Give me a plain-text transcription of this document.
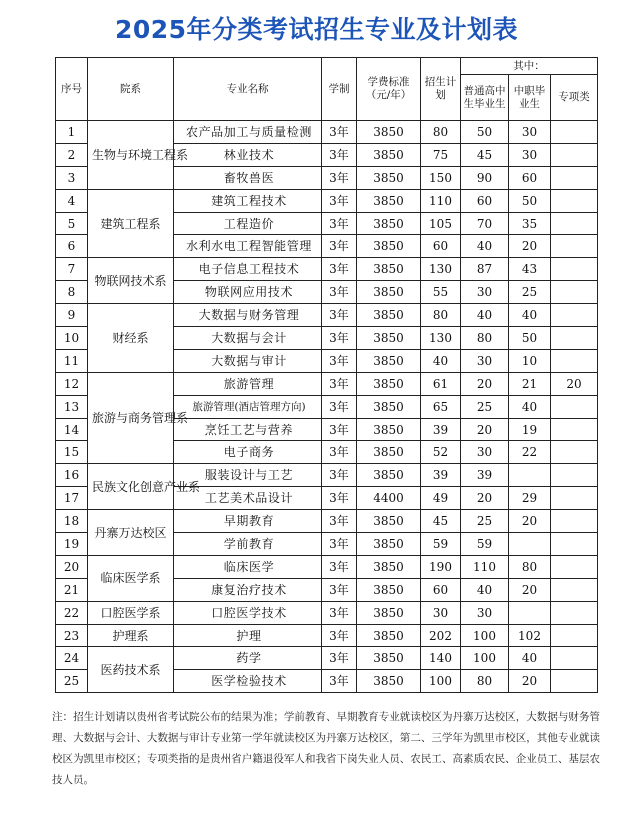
2025年分类考试招生专业及计划表
序号	院系	专业名称	学制	学费标准（元/年）	招生计划	其中：		
						普通高中生毕业生	中职毕业生	专项类
1	生物与环境工程系	农产品加工与质量检测	3年	3850	80	50	30	
2		林业技术	3年	3850	75	45	30	
3		畜牧兽医	3年	3850	150	90	60	
4	建筑工程系	建筑工程技术	3年	3850	110	60	50	
5		工程造价	3年	3850	105	70	35	
6		水利水电工程智能管理	3年	3850	60	40	20	
7	物联网技术系	电子信息工程技术	3年	3850	130	87	43	
8		物联网应用技术	3年	3850	55	30	25	
9	财经系	大数据与财务管理	3年	3850	80	40	40	
10		大数据与会计	3年	3850	130	80	50	
11		大数据与审计	3年	3850	40	30	10	
12	旅游与商务管理系	旅游管理	3年	3850	61	20	21	20
13		旅游管理(酒店管理方向)	3年	3850	65	25	40	
14		烹饪工艺与营养	3年	3850	39	20	19	
15		电子商务	3年	3850	52	30	22	
16	民族文化创意产业系	服装设计与工艺	3年	3850	39	39		
17		工艺美术品设计	3年	4400	49	20	29	
18	丹寨万达校区	早期教育	3年	3850	45	25	20	
19		学前教育	3年	3850	59	59		
20	临床医学系	临床医学	3年	3850	190	110	80	
21		康复治疗技术	3年	3850	60	40	20	
22	口腔医学系	口腔医学技术	3年	3850	30	30		
23	护理系	护理	3年	3850	202	100	102	
24	医药技术系	药学	3年	3850	140	100	40	
25		医学检验技术	3年	3850	100	80	20	
注：招生计划请以贵州省考试院公布的结果为准；学前教育、早期教育专业就读校区为丹寨万达校区，大数据与财务管理、大数据与会计、大数据与审计专业第一学年就读校区为丹寨万达校区，第二、三学年为凯里市校区，其他专业就读校区为凯里市校区；专项类指的是贵州省户籍退役军人和我省下岗失业人员、农民工、高素质农民、企业员工、基层农技人员。
